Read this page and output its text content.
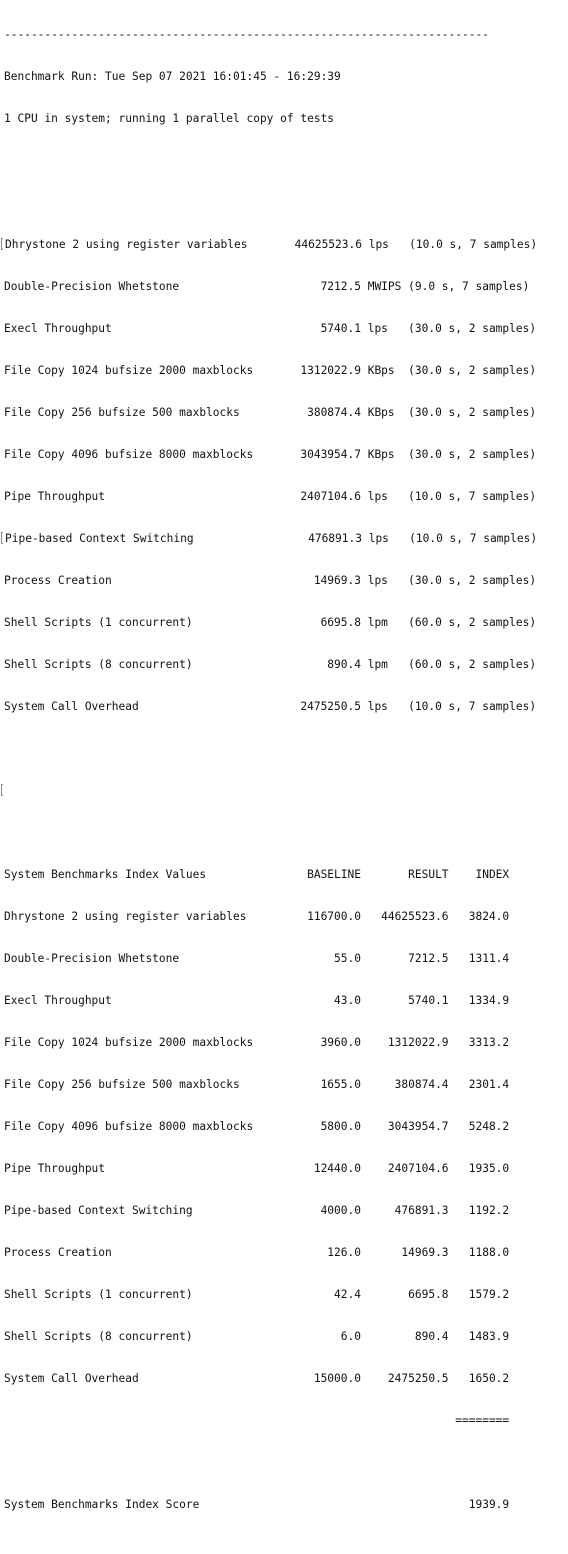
------------------------------------------------------------------------

Benchmark Run: Tue Sep 07 2021 16:01:45 - 16:29:39

1 CPU in system; running 1 parallel copy of tests

Dhrystone 2 using register variables       44625523.6 lps   (10.0 s, 7 samples)

Double-Precision Whetstone                     7212.5 MWIPS (9.0 s, 7 samples)

Execl Throughput                               5740.1 lps   (30.0 s, 2 samples)

File Copy 1024 bufsize 2000 maxblocks       1312022.9 KBps  (30.0 s, 2 samples)

File Copy 256 bufsize 500 maxblocks          380874.4 KBps  (30.0 s, 2 samples)

File Copy 4096 bufsize 8000 maxblocks       3043954.7 KBps  (30.0 s, 2 samples)

Pipe Throughput                             2407104.6 lps   (10.0 s, 7 samples)

Pipe-based Context Switching                 476891.3 lps   (10.0 s, 7 samples)

Process Creation                              14969.3 lps   (30.0 s, 2 samples)

Shell Scripts (1 concurrent)                   6695.8 lpm   (60.0 s, 2 samples)

Shell Scripts (8 concurrent)                    890.4 lpm   (60.0 s, 2 samples)

System Call Overhead                        2475250.5 lps   (10.0 s, 7 samples)

System Benchmarks Index Values               BASELINE       RESULT    INDEX

Dhrystone 2 using register variables         116700.0   44625523.6   3824.0

Double-Precision Whetstone                       55.0       7212.5   1311.4

Execl Throughput                                 43.0       5740.1   1334.9

File Copy 1024 bufsize 2000 maxblocks          3960.0    1312022.9   3313.2

File Copy 256 bufsize 500 maxblocks            1655.0     380874.4   2301.4

File Copy 4096 bufsize 8000 maxblocks          5800.0    3043954.7   5248.2

Pipe Throughput                               12440.0    2407104.6   1935.0

Pipe-based Context Switching                   4000.0     476891.3   1192.2

Process Creation                                126.0      14969.3   1188.0

Shell Scripts (1 concurrent)                     42.4       6695.8   1579.2

Shell Scripts (8 concurrent)                      6.0        890.4   1483.9

System Call Overhead                          15000.0    2475250.5   1650.2

========

System Benchmarks Index Score                                        1939.9
